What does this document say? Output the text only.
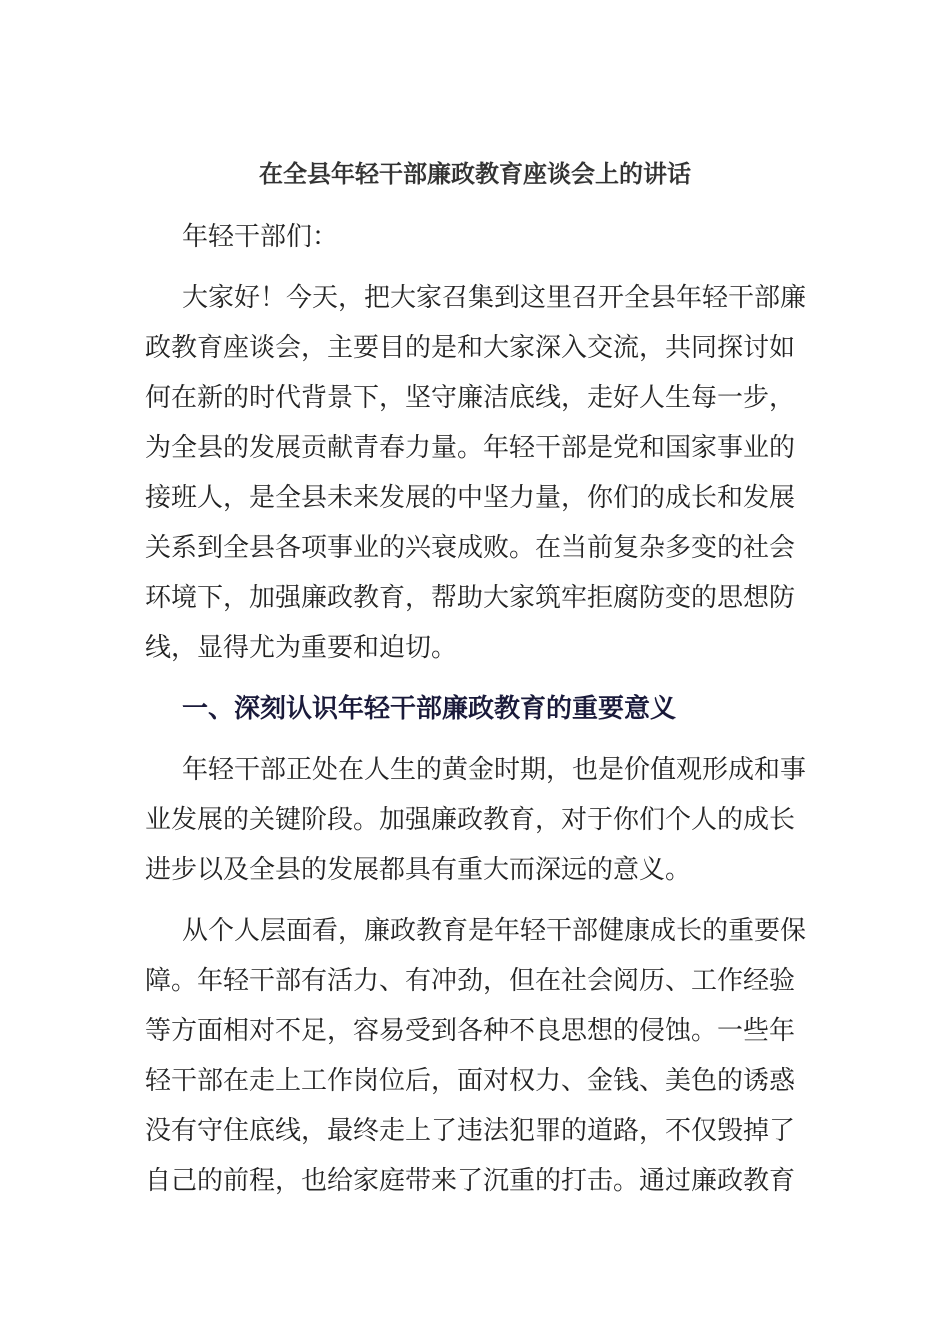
在全县年轻干部廉政教育座谈会上的讲话
年轻干部们：
大家好！今天，把大家召集到这里召开全县年轻干部廉
政教育座谈会，主要目的是和大家深入交流，共同探讨如
何在新的时代背景下，坚守廉洁底线，走好人生每一步，
为全县的发展贡献青春力量。年轻干部是党和国家事业的
接班人，是全县未来发展的中坚力量，你们的成长和发展
关系到全县各项事业的兴衰成败。在当前复杂多变的社会
环境下，加强廉政教育，帮助大家筑牢拒腐防变的思想防
线，显得尤为重要和迫切。
一、深刻认识年轻干部廉政教育的重要意义
年轻干部正处在人生的黄金时期，也是价值观形成和事
业发展的关键阶段。加强廉政教育，对于你们个人的成长
进步以及全县的发展都具有重大而深远的意义。
从个人层面看，廉政教育是年轻干部健康成长的重要保
障。年轻干部有活力、有冲劲，但在社会阅历、工作经验
等方面相对不足，容易受到各种不良思想的侵蚀。一些年
轻干部在走上工作岗位后，面对权力、金钱、美色的诱惑
没有守住底线，最终走上了违法犯罪的道路，不仅毁掉了
自己的前程，也给家庭带来了沉重的打击。通过廉政教育
